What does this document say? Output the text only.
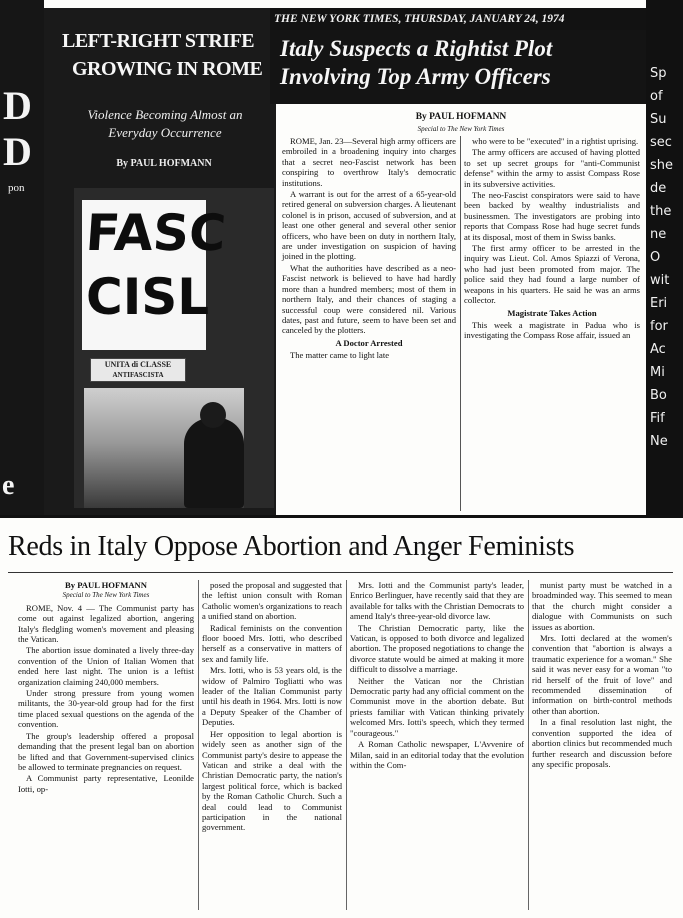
D
D
pon
e
LEFT-RIGHT STRIFE
GROWING IN ROME
Violence Becoming Almost an Everyday Occurrence
By PAUL HOFMANN
FASC
CISL
UNITA di CLASSE
ANTIFASCISTA
THE NEW YORK TIMES, THURSDAY, JANUARY 24, 1974
Italy Suspects a Rightist Plot
Involving Top Army Officers
By PAUL HOFMANN
Special to The New York Times

ROME, Jan. 23—Several high army officers are embroiled in a broadening inquiry into charges that a secret neo-Fascist network has been conspiring to overthrow Italy's democratic institutions.

A warrant is out for the arrest of a 65-year-old retired general on subversion charges. A lieutenant colonel is in prison, accused of subversion, and at least one other general and several other senior officers, who have been on duty in northern Italy, are under investigation on suspicion of having joined in the plotting.

What the authorities have described as a neo-Fascist network is believed to have had hardly more than a hundred members; most of them in northern Italy, and their chances of staging a successful coup were considered nil. Various dates, past and future, seem to have been set and canceled by the plotters.

A Doctor Arrested

The matter came to light late

who were to be "executed" in a rightist uprising.

The army officers are accused of having plotted to set up secret groups for "anti-Communist defense" within the army to assist Compass Rose in its subversive activities.

The neo-Fascist conspirators were said to have been backed by wealthy industrialists and businessmen. The investigators are probing into reports that Compass Rose had huge secret funds at its disposal, most of them in Swiss banks.

The first army officer to be arrested in the inquiry was Lieut. Col. Amos Spiazzi of Verona, who had just been promoted from major. The police said they had found a large number of weapons in his quarters. He said he was an arms collector.

Magistrate Takes Action

This week a magistrate in Padua who is investigating the Compass Rose affair, issued an

Sp
of
Su
sec
she
de
the
ne
O
wit
Eri
for
Ac
Mi
Bo
Fif
Ne
Reds in Italy Oppose Abortion and Anger Feminists
By PAUL HOFMANN
Special to The New York Times

ROME, Nov. 4 — The Communist party has come out against legalized abortion, angering Italy's fledgling women's movement and pleasing the Vatican.

The abortion issue dominated a lively three-day convention of the Union of Italian Women that ended here last night. The union is a leftist organization claiming 240,000 members.

Under strong pressure from young women militants, the 30-year-old group had for the first time placed sexual questions on the agenda of the convention.

The group's leadership offered a proposal demanding that the present legal ban on abortion be lifted and that Government-supervised clinics be allowed to terminate pregnancies on request.

A Communist party representative, Leonilde Iotti, op-

posed the proposal and suggested that the leftist union consult with Roman Catholic women's organizations to reach a unified stand on abortion.

Radical feminists on the convention floor booed Mrs. Iotti, who described herself as a conservative in matters of sex and family life.

Mrs. Iotti, who is 53 years old, is the widow of Palmiro Togliatti who was leader of the Italian Communist party until his death in 1964. Mrs. Iotti is now a Deputy Speaker of the Chamber of Deputies.

Her opposition to legal abortion is widely seen as another sign of the Communist party's desire to appease the Vatican and strike a deal with the Christian Democratic party, the nation's largest political force, which is backed by the Roman Catholic Church. Such a deal could lead to Communist participation in the national government.

Mrs. Iotti and the Communist party's leader, Enrico Berlinguer, have recently said that they are available for talks with the Christian Democrats to amend Italy's three-year-old divorce law.

The Christian Democratic party, like the Vatican, is opposed to both divorce and legalized abortion. The proposed negotiations to change the divorce statute would be aimed at making it more difficult to dissolve a marriage.

Neither the Vatican nor the Christian Democratic party had any official comment on the Communist move in the abortion debate. But priests familiar with Vatican thinking privately welcomed Mrs. Iotti's speech, which they termed "courageous."

A Roman Catholic newspaper, L'Avvenire of Milan, said in an editorial today that the evolution within the Com-

munist party must be watched in a broadminded way. This seemed to mean that the church might consider a dialogue with Communists on such issues as abortion.

Mrs. Iotti declared at the women's convention that "abortion is always a traumatic experience for a woman." She said it was never easy for a woman "to rid herself of the fruit of love" and recommended dissemination of information on birth-control methods other than abortion.

In a final resolution last night, the convention supported the idea of abortion clinics but recommended much further research and discussion before any specific proposals.
